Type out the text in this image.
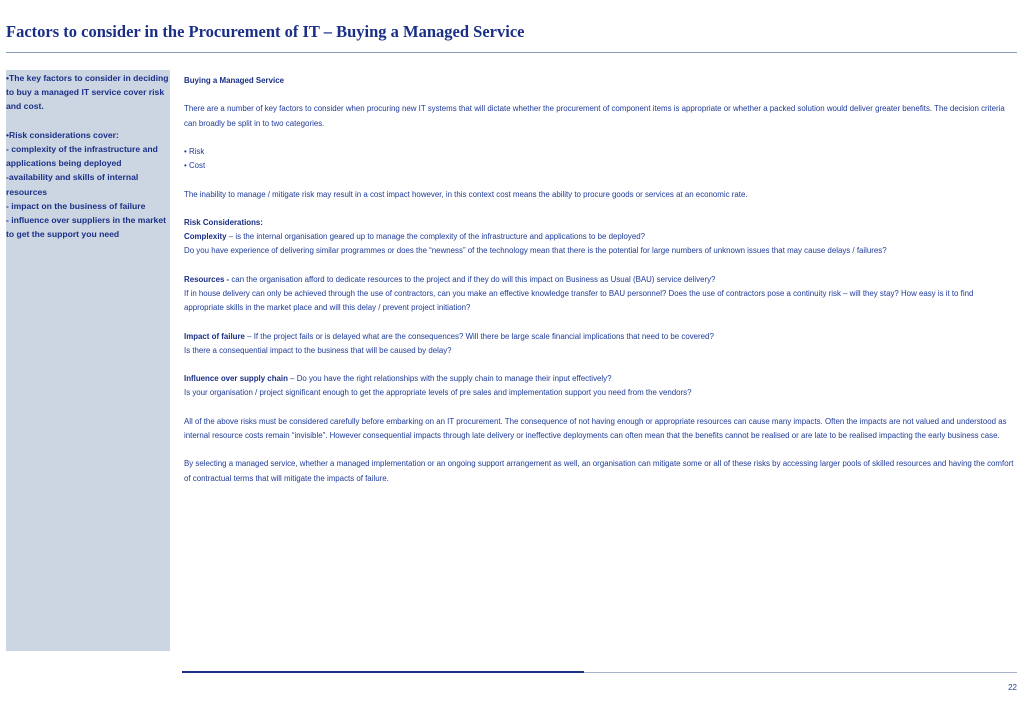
Factors to consider in the Procurement of IT – Buying a Managed Service

•The key factors to consider in deciding to buy a managed IT service cover risk and cost.

•Risk considerations cover:

- complexity of the infrastructure and applications being deployed

-availability and skills of internal resources

- impact on the business of failure

- influence over suppliers in the market to get the support you need

Buying a Managed Service

There are a number of key factors to consider when procuring new IT systems that will dictate whether the procurement of component items is appropriate or whether a packed solution would deliver greater benefits. The decision criteria can broadly be split in to two categories.

• Risk

• Cost

The inability to manage / mitigate risk may result in a cost impact however, in this context cost means the ability to procure goods or services at an economic rate.

Risk Considerations:

Complexity – is the internal organisation geared up to manage the complexity of the infrastructure and applications to be deployed?

Do you have experience of delivering similar programmes or does the “newness” of the technology mean that there is the potential for large numbers of unknown issues that may cause delays / failures?

Resources - can the organisation afford to dedicate resources to the project and if they do will this impact on Business as Usual (BAU) service delivery?

If in house delivery can only be achieved through the use of contractors, can you make an effective knowledge transfer to BAU personnel? Does the use of contractors pose a continuity risk – will they stay? How easy is it to find appropriate skills in the market place and will this delay / prevent project initiation?

Impact of failure – If the project fails or is delayed what are the consequences? Will there be large scale financial implications that need to be covered?

Is there a consequential impact to the business that will be caused by delay?

Influence over supply chain – Do you have the right relationships with the supply chain to manage their input effectively?

Is your organisation / project significant enough to get the appropriate levels of pre sales and implementation support you need from the vendors?

All of the above risks must be considered carefully before embarking on an IT procurement. The consequence of not having enough or appropriate resources can cause many impacts. Often the impacts are not valued and understood as internal resource costs remain “invisible”. However consequential impacts through late delivery or ineffective deployments can often mean that the benefits cannot be realised or are late to be realised impacting the early business case.

By selecting a managed service, whether a managed implementation or an ongoing support arrangement as well, an organisation can mitigate some or all of these risks by accessing larger pools of skilled resources and having the comfort of contractual terms that will mitigate the impacts of failure.

22
